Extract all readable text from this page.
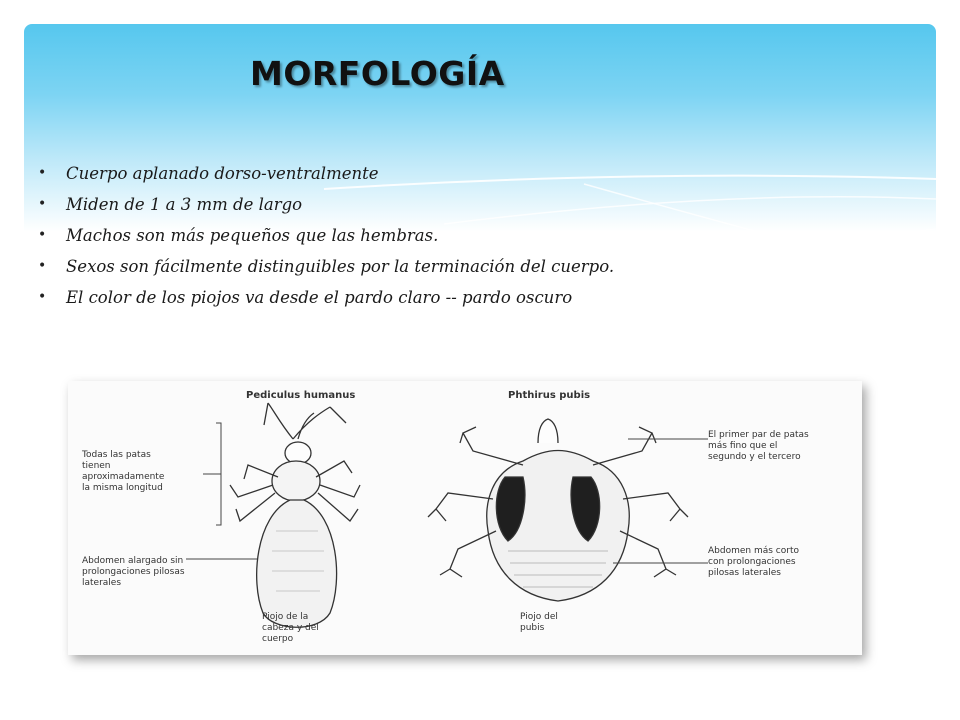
MORFOLOGÍA
• Cuerpo aplanado dorso-ventralmente
• Miden de 1 a 3 mm de largo
• Machos son más pequeños que las hembras.
• Sexos son fácilmente distinguibles por la terminación del cuerpo.
• El color de los piojos va desde el pardo claro -- pardo oscuro
Pediculus humanus	Phthirus pubis
Todas las patas
tienen
aproximadamente
la misma longitud
Abdomen alargado sin
prolongaciones pilosas
laterales
Piojo de la
cabeza y del
cuerpo
Piojo del
pubis
El primer par de patas
más fino que el
segundo y el tercero
Abdomen más corto
con prolongaciones
pilosas laterales
